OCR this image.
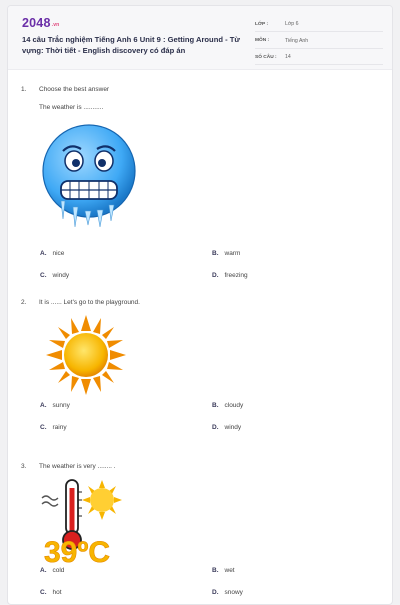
2048.vn
14 câu Trắc nghiệm Tiếng Anh 6 Unit 9 : Getting Around - Từ vựng: Thời tiết - English discovery có đáp án
LỚP :	Lớp 6
MÔN :	Tiếng Anh
SỐ CÂU :	14
1. Choose the best answer
The weather is ...........
A. nice	B. warm
C. windy	D. freezing
2. It is ...... Let's go to the playground.
A. sunny	B. cloudy
C. rainy	D. windy
3. The weather is very ........ .
39ºC
A. cold	B. wet
C. hot	D. snowy
